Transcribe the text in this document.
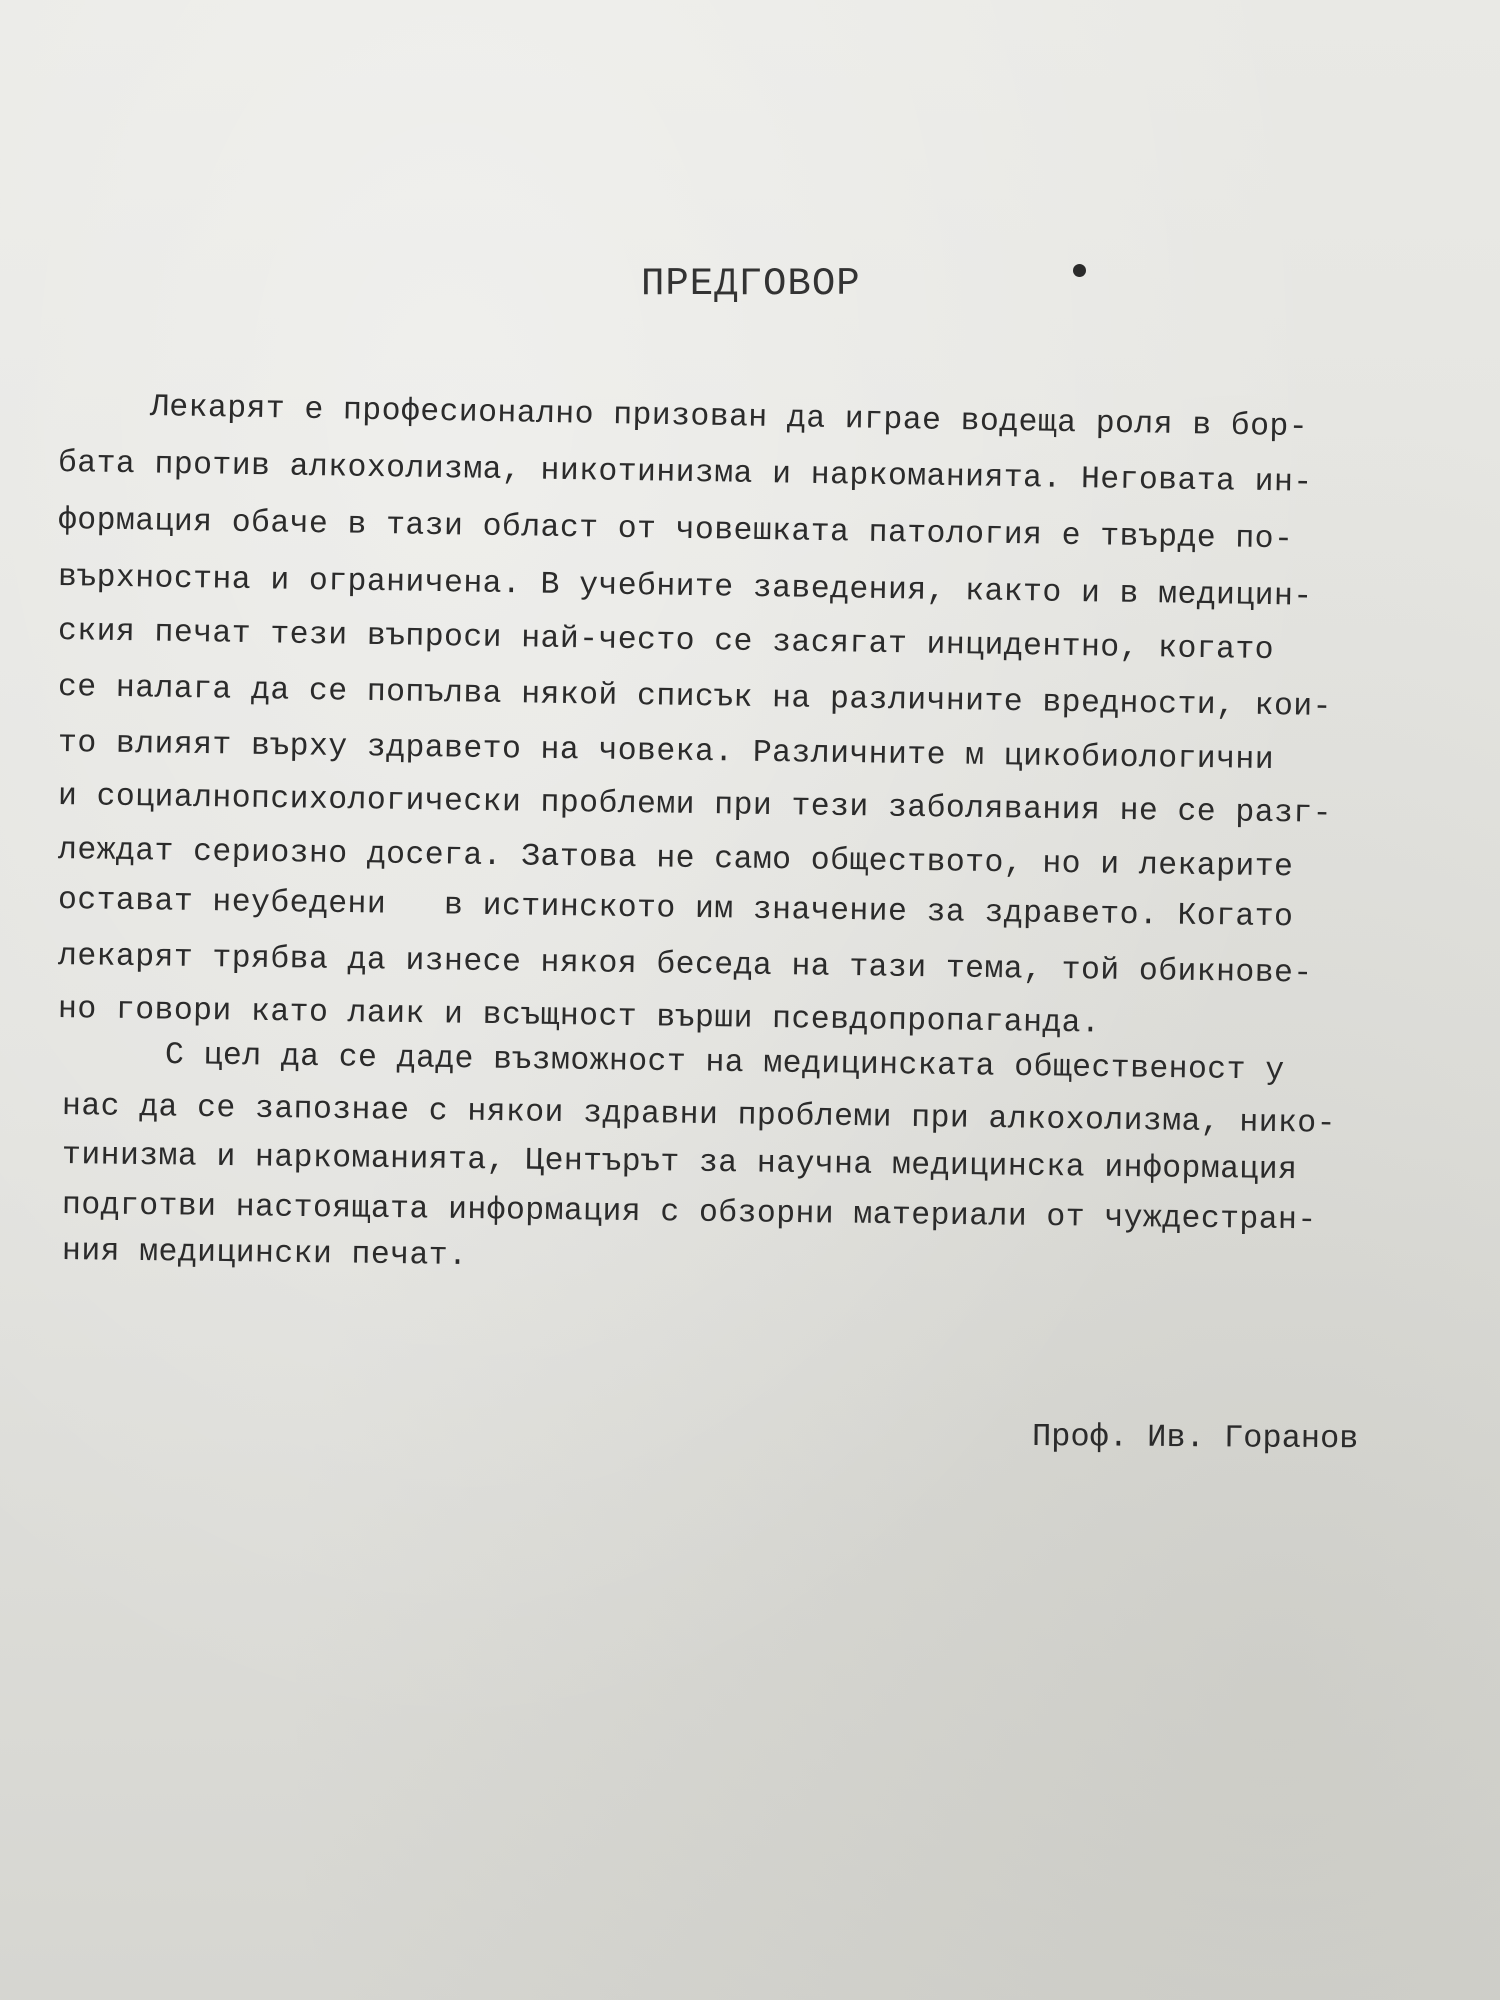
ПРЕДГОВОР
Лекарят е професионално призован да играе водеща роля в бор-
бата против алкохолизма, никотинизма и наркоманията. Неговата ин-
формация обаче в тази област от човешката патология е твърде по-
върхностна и ограничена. В учебните заведения, както и в медицин-
ския печат тези въпроси най-често се засягат инцидентно, когато
се налага да се попълва някой списък на различните вредности, кои-
то влияят върху здравето на човека. Различните м цикобиологични
и социалнопсихологически проблеми при тези заболявания не се разг-
леждат сериозно досега. Затова не само обществото, но и лекарите
остават неубедени   в истинското им значение за здравето. Когато
лекарят трябва да изнесе някоя беседа на тази тема, той обикнове-
но говори като лаик и всъщност върши псевдопропаганда.
С цел да се даде възможност на медицинската общественост у
нас да се запознае с някои здравни проблеми при алкохолизма, нико-
тинизма и наркоманията, Центърът за научна медицинска информация
подготви настоящата информация с обзорни материали от чуждестран-
ния медицински печат.

Проф. Ив. Горанов
